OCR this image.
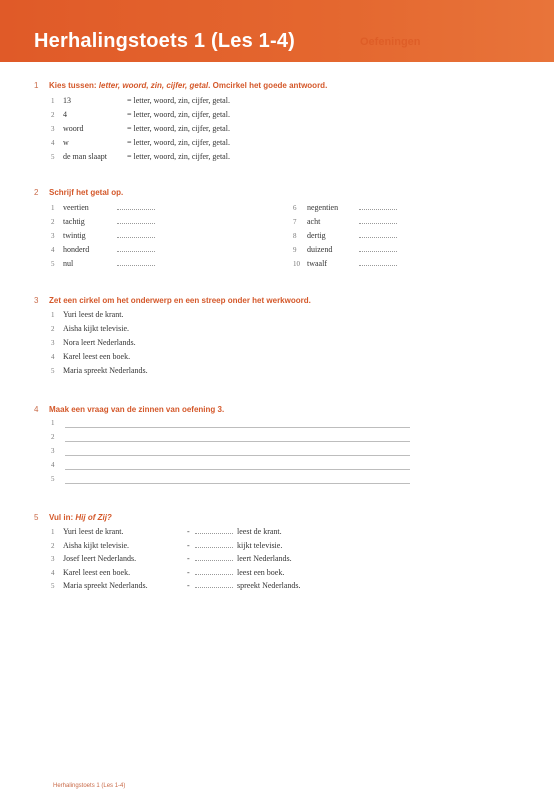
Herhalingstoets 1 (Les 1-4)	Oefeningen
1 Kies tussen: letter, woord, zin, cijfer, getal. Omcirkel het goede antwoord.
1 13	= letter, woord, zin, cijfer, getal.
2 4	= letter, woord, zin, cijfer, getal.
3 woord	= letter, woord, zin, cijfer, getal.
4 w	= letter, woord, zin, cijfer, getal.
5 de man slaapt	= letter, woord, zin, cijfer, getal.
2 Schrijf het getal op.
1 veertien
2 tachtig
3 twintig
4 honderd
5 nul
6 negentien
7 acht
8 dertig
9 duizend
10 twaalf
3 Zet een cirkel om het onderwerp en een streep onder het werkwoord.
1 Yuri leest de krant.
2 Aisha kijkt televisie.
3 Nora leert Nederlands.
4 Karel leest een boek.
5 Maria spreekt Nederlands.
4 Maak een vraag van de zinnen van oefening 3.
1
2
3
4
5
5 Vul in: Hij of Zij?
1 Yuri leest de krant.	-	leest de krant.
2 Aisha kijkt televisie.	-	kijkt televisie.
3 Josef leert Nederlands.	-	leert Nederlands.
4 Karel leest een boek.	-	leest een boek.
5 Maria spreekt Nederlands.	-	spreekt Nederlands.
Herhalingstoets 1 (Les 1-4)
